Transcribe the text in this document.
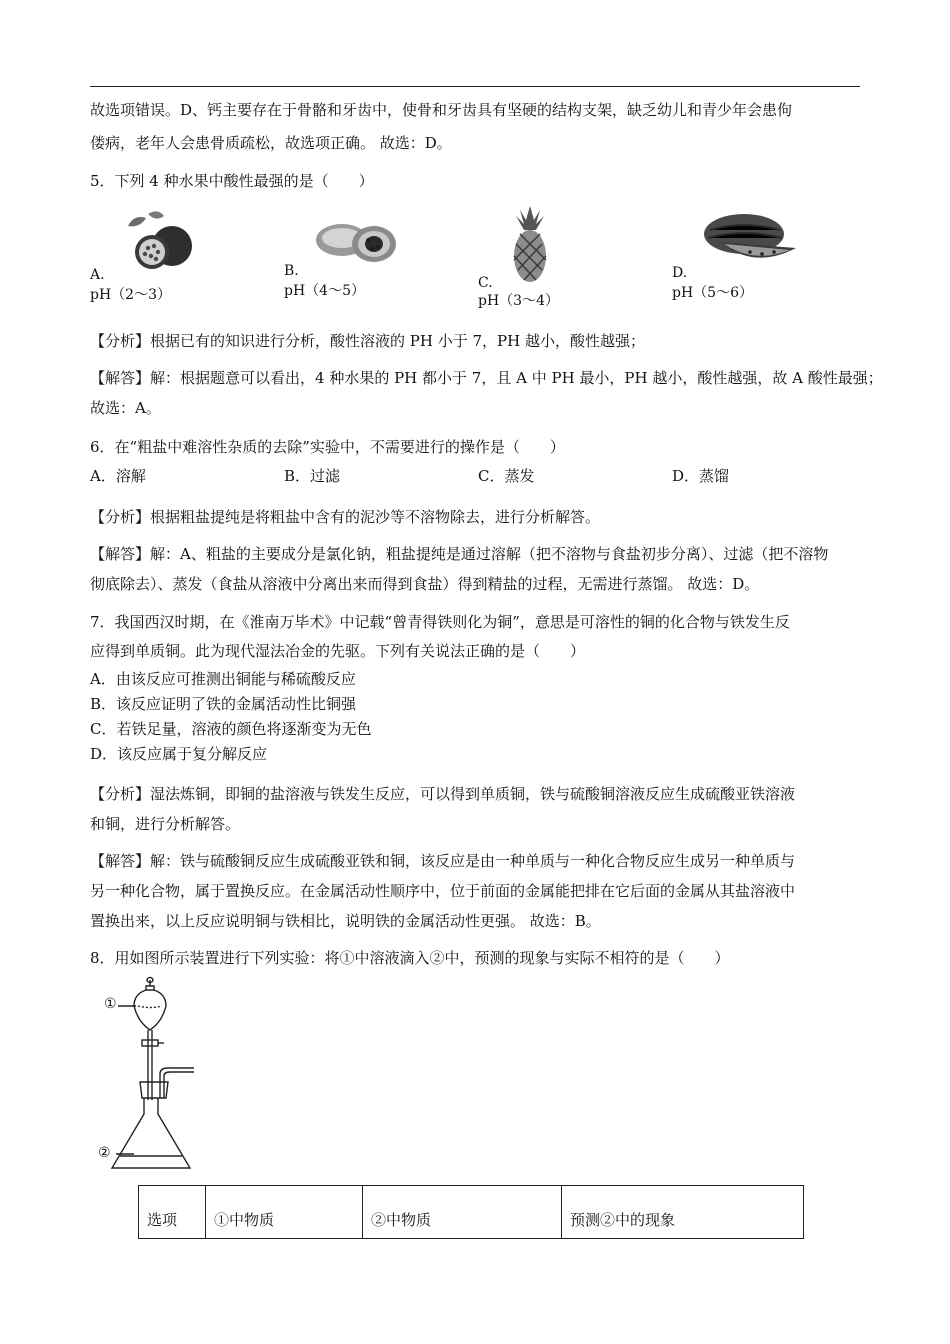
故选项错误。D、钙主要存在于骨骼和牙齿中，使骨和牙齿具有坚硬的结构支架，缺乏幼儿和青少年会患佝
偻病，老年人会患骨质疏松，故选项正确。 故选：D。
5．下列 4 种水果中酸性最强的是（　　）
A.
pH（2～3）
B.
pH（4～5）	C.
pH（3～4）
D.
pH（5～6）
【分析】根据已有的知识进行分析，酸性溶液的 PH 小于 7，PH 越小，酸性越强；
【解答】解：根据题意可以看出，4 种水果的 PH 都小于 7，且 A 中 PH 最小，PH 越小，酸性越强，故 A 酸性最强；
故选：A。
6．在“粗盐中难溶性杂质的去除”实验中，不需要进行的操作是（　　）
A．溶解	B．过滤	C．蒸发	D．蒸馏
【分析】根据粗盐提纯是将粗盐中含有的泥沙等不溶物除去，进行分析解答。
【解答】解：A、粗盐的主要成分是氯化钠，粗盐提纯是通过溶解（把不溶物与食盐初步分离）、过滤（把不溶物
彻底除去）、蒸发（食盐从溶液中分离出来而得到食盐）得到精盐的过程，无需进行蒸馏。 故选：D。
7．我国西汉时期，在《淮南万毕术》中记载“曾青得铁则化为铜”，意思是可溶性的铜的化合物与铁发生反
应得到单质铜。此为现代湿法冶金的先驱。下列有关说法正确的是（　　）
A．由该反应可推测出铜能与稀硫酸反应
B．该反应证明了铁的金属活动性比铜强
C．若铁足量，溶液的颜色将逐渐变为无色
D．该反应属于复分解反应
【分析】湿法炼铜，即铜的盐溶液与铁发生反应，可以得到单质铜，铁与硫酸铜溶液反应生成硫酸亚铁溶液
和铜，进行分析解答。
【解答】解：铁与硫酸铜反应生成硫酸亚铁和铜，该反应是由一种单质与一种化合物反应生成另一种单质与
另一种化合物，属于置换反应。在金属活动性顺序中，位于前面的金属能把排在它后面的金属从其盐溶液中
置换出来，以上反应说明铜与铁相比，说明铁的金属活动性更强。 故选：B。
8．用如图所示装置进行下列实验：将①中溶液滴入②中，预测的现象与实际不相符的是（　　）
①
②
选项	①中物质	②中物质	预测②中的现象
